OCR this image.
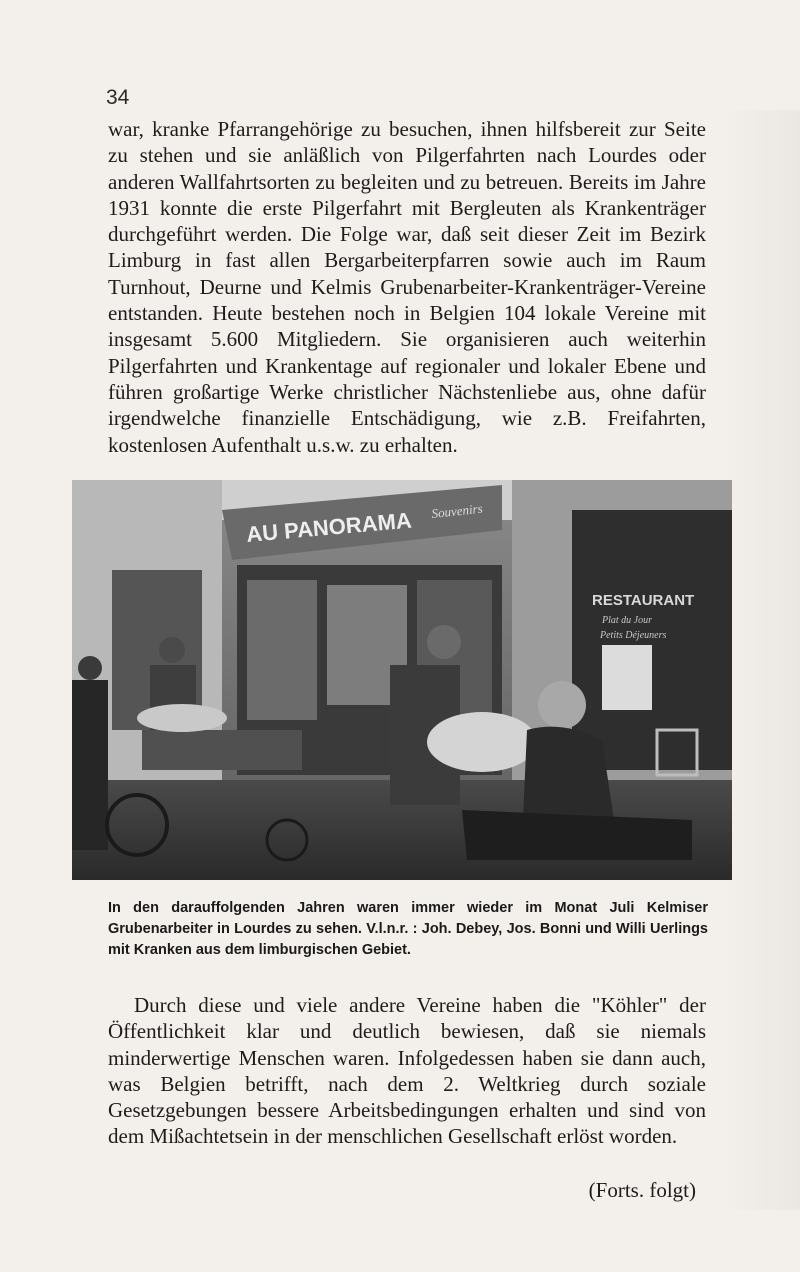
34

war, kranke Pfarrangehörige zu besuchen, ihnen hilfsbereit zur Seite zu stehen und sie anläßlich von Pilgerfahrten nach Lourdes oder anderen Wallfahrtsorten zu begleiten und zu betreuen. Bereits im Jahre 1931 konnte die erste Pilgerfahrt mit Bergleuten als Krankenträger durchgeführt werden. Die Folge war, daß seit dieser Zeit im Bezirk Limburg in fast allen Bergarbeiterpfarren sowie auch im Raum Turnhout, Deurne und Kelmis Grubenarbeiter-Krankenträger-Vereine entstanden. Heute bestehen noch in Belgien 104 lokale Vereine mit insgesamt 5.600 Mitgliedern. Sie organisieren auch weiterhin Pilgerfahrten und Krankentage auf regionaler und lokaler Ebene und führen großartige Werke christlicher Nächstenliebe aus, ohne dafür irgendwelche finanzielle Entschädigung, wie z.B. Freifahrten, kostenlosen Aufenthalt u.s.w. zu erhalten.

AU PANORAMA Souvenirs
RESTAURANT
Plat du Jour
Petits Déjeuners

In den darauffolgenden Jahren waren immer wieder im Monat Juli Kelmiser Grubenarbeiter in Lourdes zu sehen. V.l.n.r. : Joh. Debey, Jos. Bonni und Willi Uerlings mit Kranken aus dem limburgischen Gebiet.

Durch diese und viele andere Vereine haben die "Köhler" der Öffentlichkeit klar und deutlich bewiesen, daß sie niemals minderwertige Menschen waren. Infolgedessen haben sie dann auch, was Belgien betrifft, nach dem 2. Weltkrieg durch soziale Gesetzgebungen bessere Arbeitsbedingungen erhalten und sind von dem Mißachtetsein in der menschlichen Gesellschaft erlöst worden.

(Forts. folgt)
